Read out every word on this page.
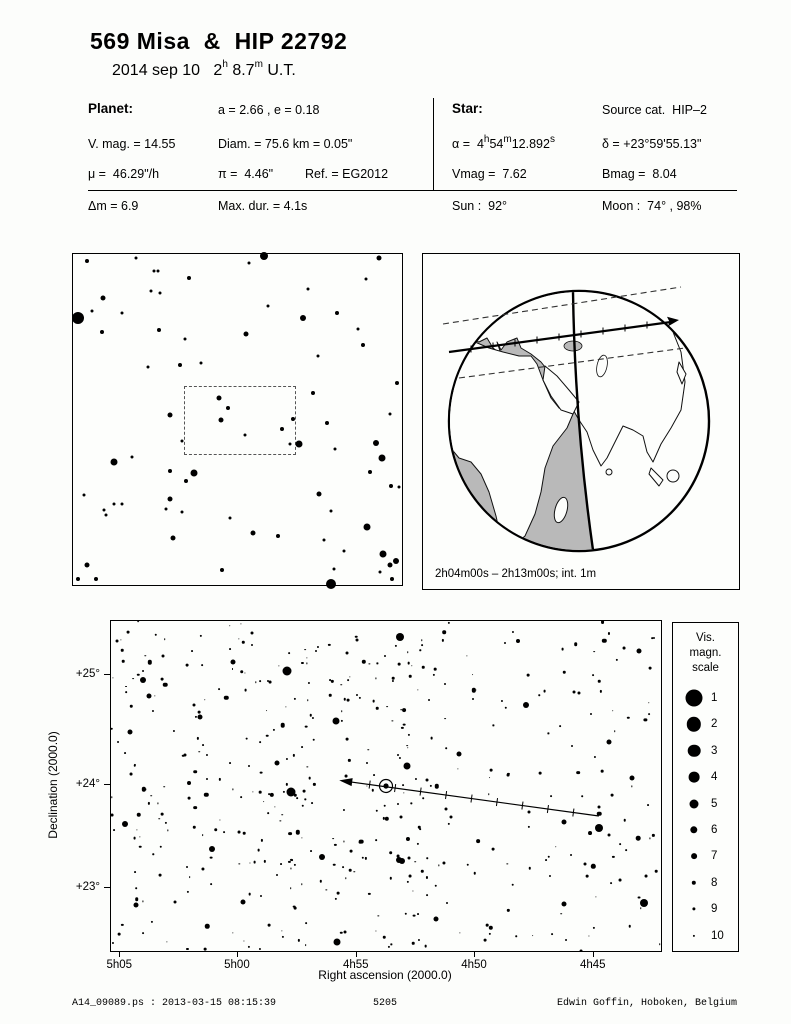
569 Misa  &  HIP 22792
2014 sep 10   2$^h$ 8.7$^m$ U.T.
Planet:	a = 2.66 , e = 0.18	Star:	Source cat.  HIP–2
V. mag. = 14.55	Diam. = 75.6 km = 0.05"	α =  4$^h$54$^m$12.892$^s$	δ = +23°59'55.13"
μ =  46.29"/h	π =  4.46"	Ref. = EG2012	Vmag =  7.62	Bmag =  8.04
Δm = 6.9	Max. dur. = 4.1s	Sun :  92°	Moon :  74° , 98%
2h04m00s – 2h13m00s; int. 1m
5h05	5h00	4h55	4h50	4h45
+25°
+24°
+23°
Right ascension (2000.0)
Declination (2000.0)
Vis.
magn.
scale
1
2
3
4
5
6
7
8
9
10
A14_09089.ps : 2013-03-15 08:15:39	5205	Edwin Goffin, Hoboken, Belgium
